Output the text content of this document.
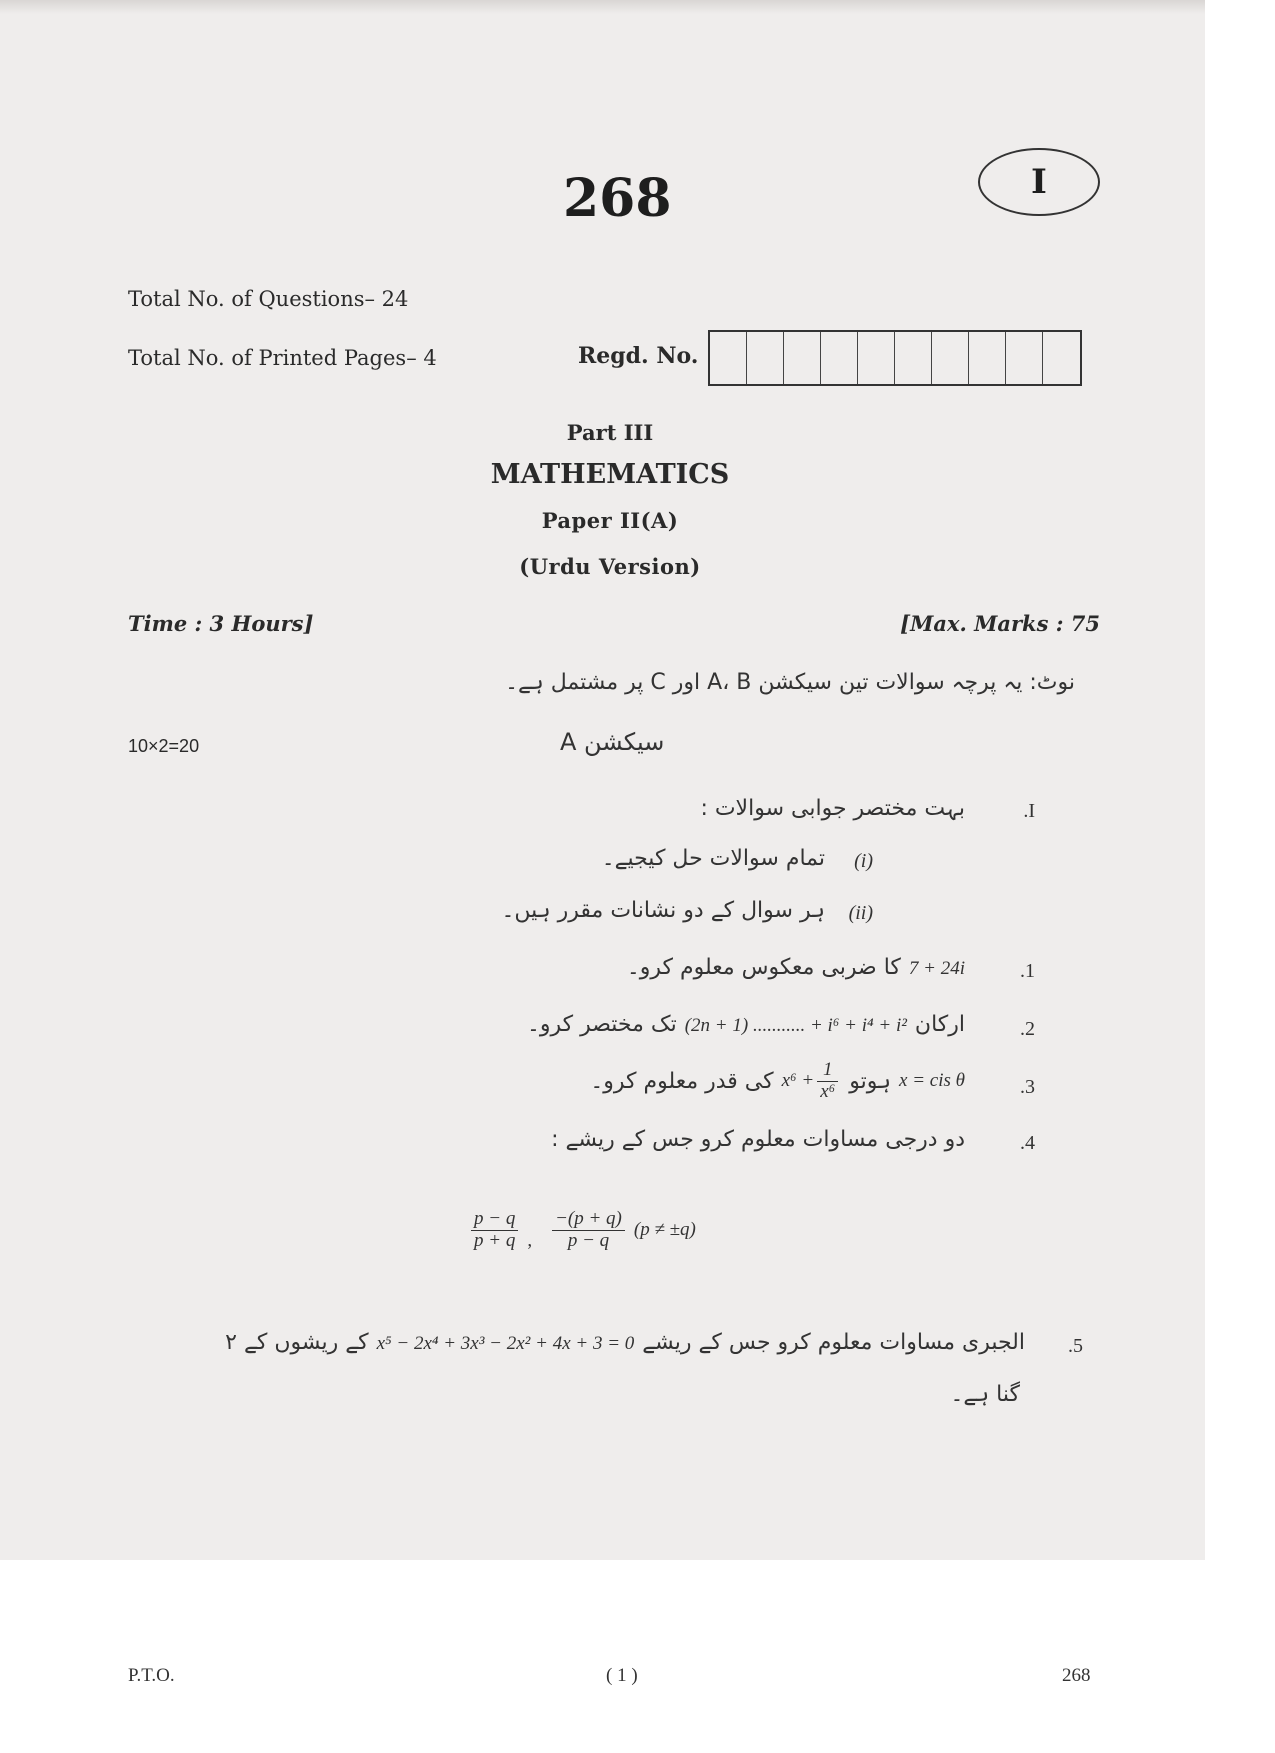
268	I
Total No. of Questions– 24
Total No. of Printed Pages– 4	Regd. No.
Part III
MATHEMATICS
Paper II(A)
(Urdu Version)
Time : 3 Hours]	[Max. Marks : 75
نوٹ: یہ پرچہ سوالات تین سیکشن A، B اور C پر مشتمل ہے۔
سیکشن A
10×2=20
.I
بہت مختصر جوابی سوالات :
(i)
تمام سوالات حل کیجیے۔
(ii)
ہر سوال کے دو نشانات مقرر ہیں۔
.1
7 + 24i
کا ضربی معکوس معلوم کرو۔
.2
ارکان
(2n + 1) ........... + i⁶ + i⁴ + i²
تک مختصر کرو۔
.3
x = cis θ
ہوتو
$x^6 + \frac{1}{\text{x⁶}}$
کی قدر معلوم کرو۔
.4
دو درجی مساوات معلوم کرو جس کے ریشے :
$\frac{p - q}{p + q}$ , $\frac{-(p + q)}{p - q} (p \ne \pm q)$
.5
الجبری مساوات معلوم کرو جس کے ریشے
x⁵ − 2x⁴ + 3x³ − 2x² + 4x + 3 = 0
کے ریشوں کے ۲
گنا ہے۔
P.T.O.	( 1 )	268
